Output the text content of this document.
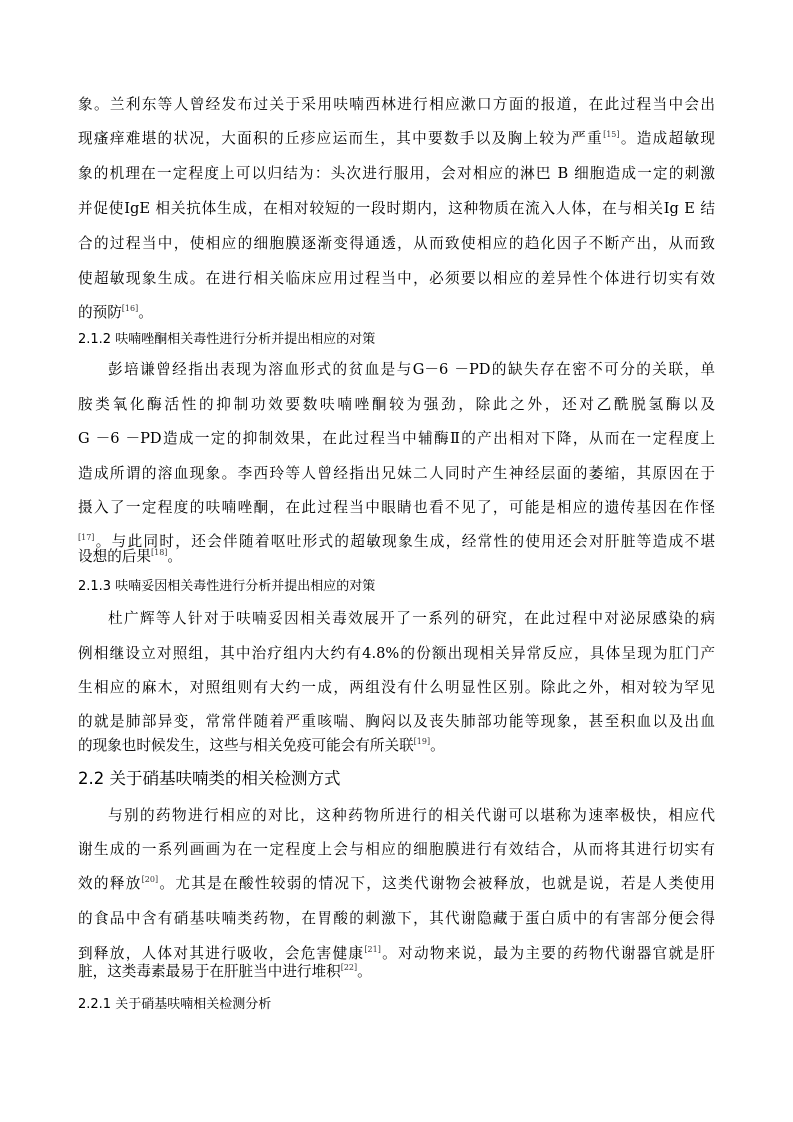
象。兰利东等人曾经发布过关于采用呋喃西林进行相应漱口方面的报道，在此过程当中会出
现瘙痒难堪的状况，大面积的丘疹应运而生，其中要数手以及胸上较为严重[15]。造成超敏现
象的机理在一定程度上可以归结为：头次进行服用，会对相应的淋巴 B 细胞造成一定的刺激
并促使IgE 相关抗体生成，在相对较短的一段时期内，这种物质在流入人体，在与相关Ig E 结
合的过程当中，使相应的细胞膜逐渐变得通透，从而致使相应的趋化因子不断产出，从而致
使超敏现象生成。在进行相关临床应用过程当中，必须要以相应的差异性个体进行切实有效
的预防[16]。
2.1.2 呋喃唑酮相关毒性进行分析并提出相应的对策
彭培谦曾经指出表现为溶血形式的贫血是与G－6 －PD的缺失存在密不可分的关联，单
胺类氧化酶活性的抑制功效要数呋喃唑酮较为强劲，除此之外，还对乙酰脱氢酶以及
G －6 －PD造成一定的抑制效果，在此过程当中辅酶Ⅱ的产出相对下降，从而在一定程度上
造成所谓的溶血现象。李西玲等人曾经指出兄妹二人同时产生神经层面的萎缩，其原因在于
摄入了一定程度的呋喃唑酮，在此过程当中眼睛也看不见了，可能是相应的遗传基因在作怪
[17]。与此同时，还会伴随着呕吐形式的超敏现象生成，经常性的使用还会对肝脏等造成不堪
设想的后果[18]。
2.1.3 呋喃妥因相关毒性进行分析并提出相应的对策
杜广辉等人针对于呋喃妥因相关毒效展开了一系列的研究，在此过程中对泌尿感染的病
例相继设立对照组，其中治疗组内大约有4.8%的份额出现相关异常反应，具体呈现为肛门产
生相应的麻木，对照组则有大约一成，两组没有什么明显性区别。除此之外，相对较为罕见
的就是肺部异变，常常伴随着严重咳喘、胸闷以及丧失肺部功能等现象，甚至积血以及出血
的现象也时候发生，这些与相关免疫可能会有所关联[19]。
2.2 关于硝基呋喃类的相关检测方式
与别的药物进行相应的对比，这种药物所进行的相关代谢可以堪称为速率极快，相应代
谢生成的一系列画画为在一定程度上会与相应的细胞膜进行有效结合，从而将其进行切实有
效的释放[20]。尤其是在酸性较弱的情况下，这类代谢物会被释放，也就是说，若是人类使用
的食品中含有硝基呋喃类药物，在胃酸的刺激下，其代谢隐藏于蛋白质中的有害部分便会得
到释放，人体对其进行吸收，会危害健康[21]。对动物来说，最为主要的药物代谢器官就是肝
脏，这类毒素最易于在肝脏当中进行堆积[22]。
2.2.1 关于硝基呋喃相关检测分析
